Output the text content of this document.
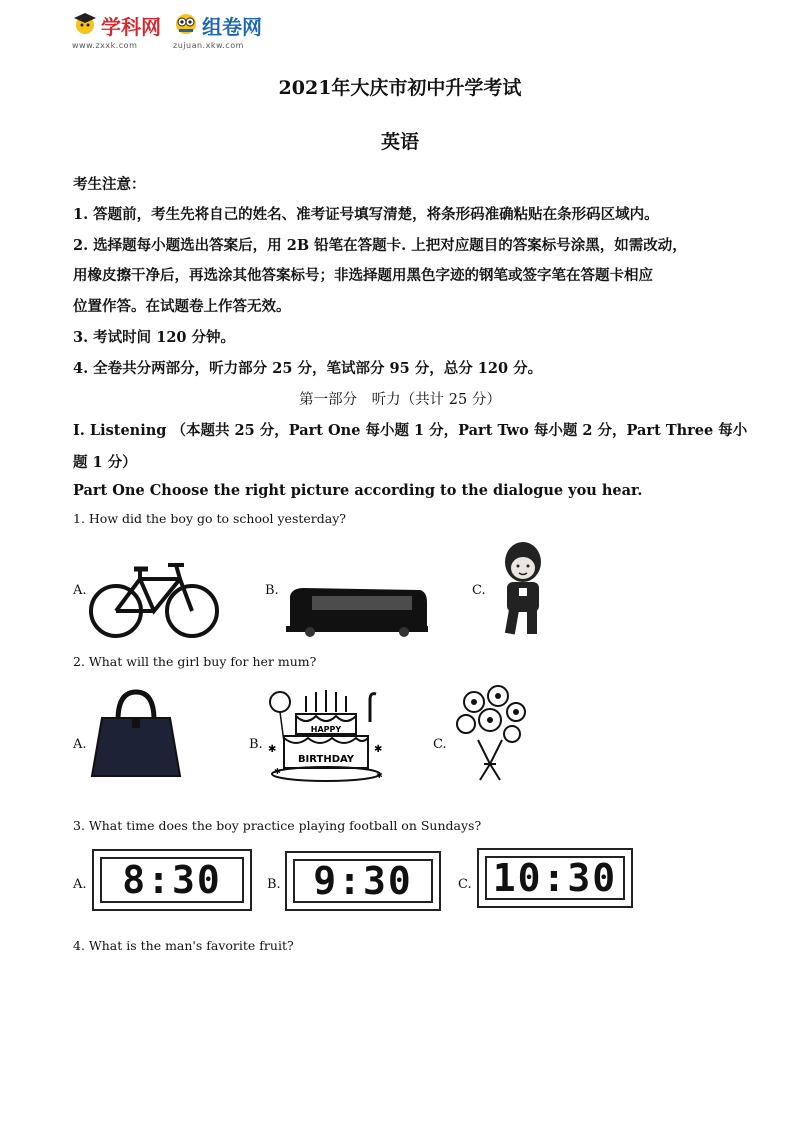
学科网
www.zxxk.com
组卷网
zujuan.xkw.com
2021年大庆市初中升学考试
英语
考生注意：
1. 答题前，考生先将自己的姓名、准考证号填写清楚，将条形码准确粘贴在条形码区域内。
2. 选择题每小题选出答案后，用 2B 铅笔在答题卡. 上把对应题目的答案标号涂黑，如需改动，
用橡皮擦干净后，再选涂其他答案标号；非选择题用黑色字迹的钢笔或签字笔在答题卡相应
位置作答。在试题卷上作答无效。
3. 考试时间 120 分钟。
4. 全卷共分两部分，听力部分 25 分，笔试部分 95 分，总分 120 分。
第一部分　听力（共计 25 分）
Ⅰ. Listening （本题共 25 分，Part One 每小题 1 分，Part Two 每小题 2 分，Part Three 每小
题 1 分）
Part One Choose the right picture according to the dialogue you hear.
1. How did the boy go to school yesterday?
A.	B.	C.
2. What will the girl buy for her mum?
A.	B.
HAPPY
BIRTHDAY
✱	✱
✱	✱
C.
3. What time does the boy practice playing football on Sundays?
A. 8:30	B. 9:30	C. 10:30
4. What is the man's favorite fruit?
